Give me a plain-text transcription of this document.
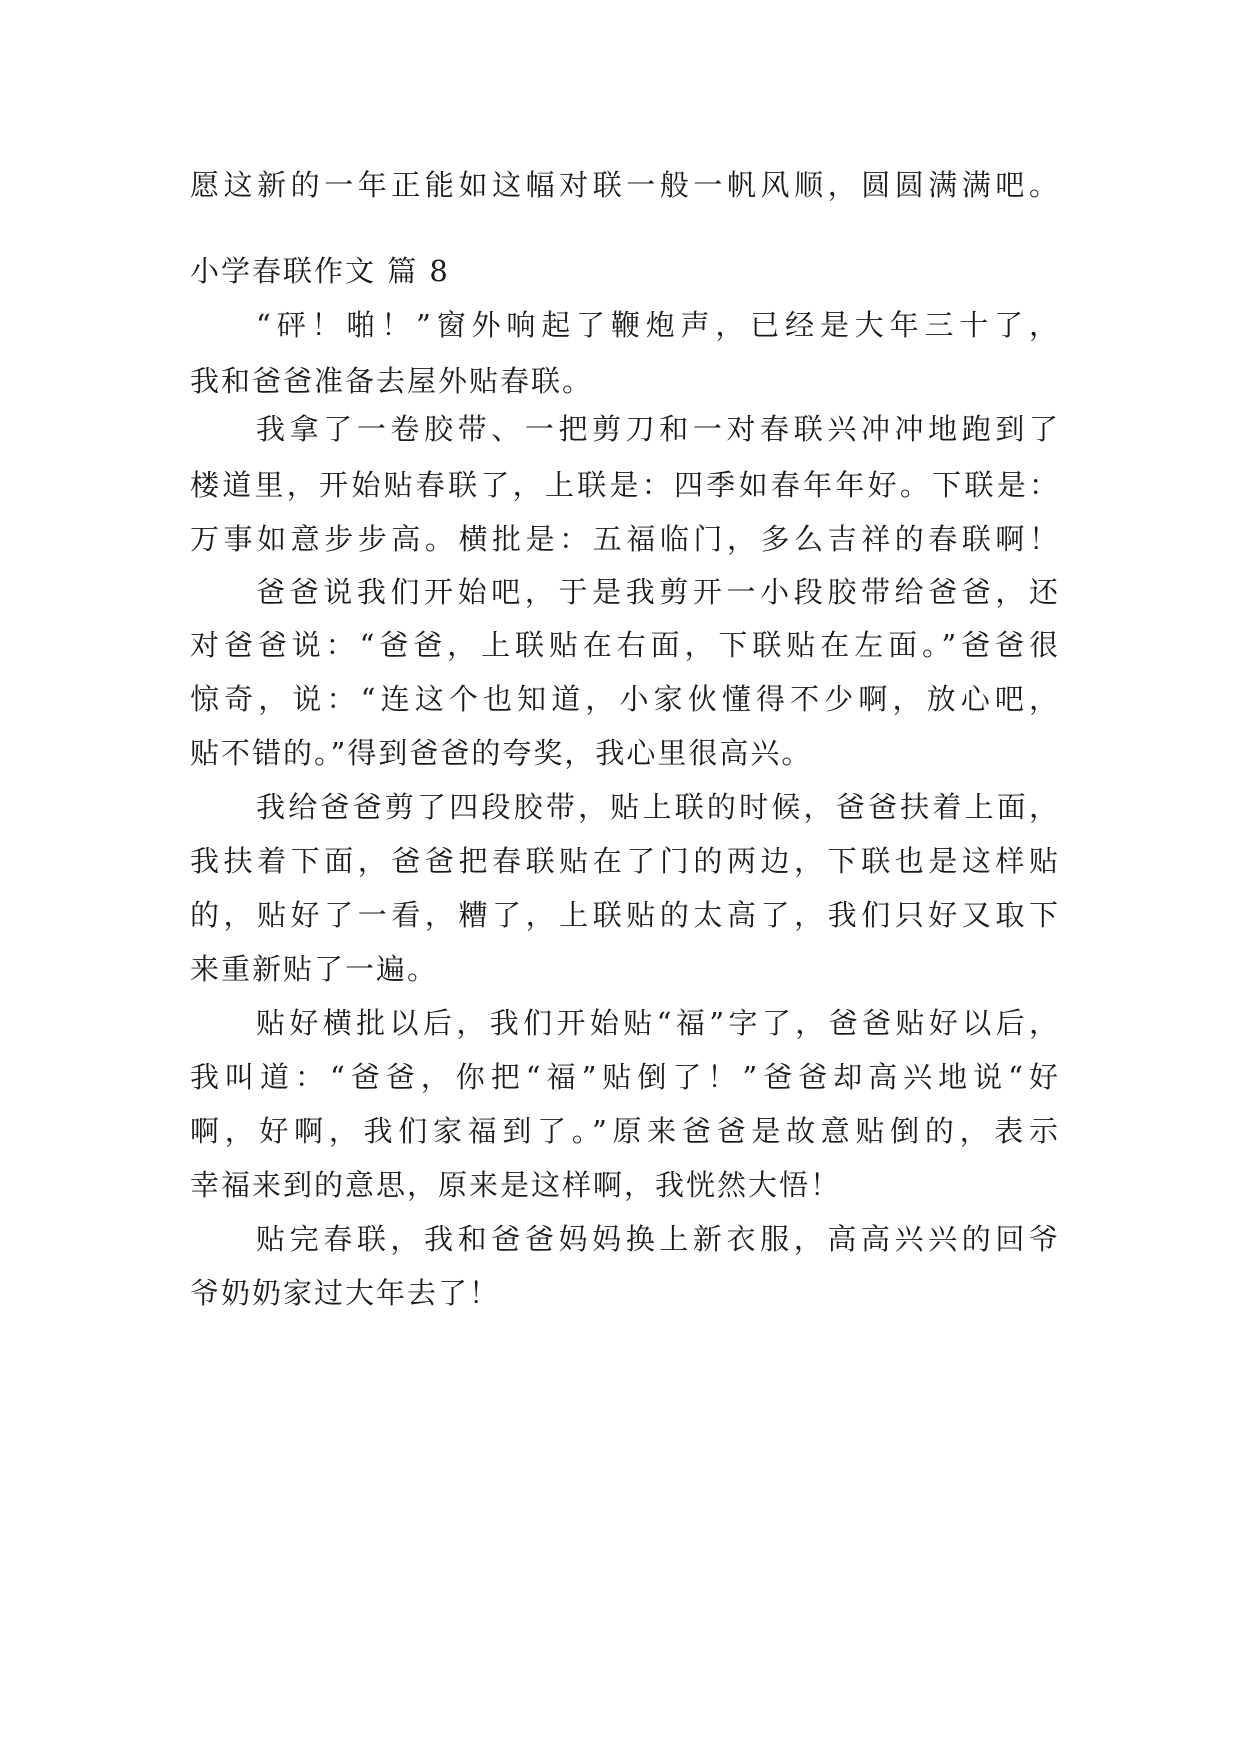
愿这新的一年正能如这幅对联一般一帆风顺，圆圆满满吧。
小学春联作文 篇 8
“砰！啪！”窗外响起了鞭炮声，已经是大年三十了，
我和爸爸准备去屋外贴春联。
我拿了一卷胶带、一把剪刀和一对春联兴冲冲地跑到了
楼道里，开始贴春联了，上联是：四季如春年年好。下联是：
万事如意步步高。横批是：五福临门，多么吉祥的春联啊！
爸爸说我们开始吧，于是我剪开一小段胶带给爸爸，还
对爸爸说：“爸爸，上联贴在右面，下联贴在左面。”爸爸很
惊奇，说：“连这个也知道，小家伙懂得不少啊，放心吧，
贴不错的。”得到爸爸的夸奖，我心里很高兴。
我给爸爸剪了四段胶带，贴上联的时候，爸爸扶着上面，
我扶着下面，爸爸把春联贴在了门的两边，下联也是这样贴
的，贴好了一看，糟了，上联贴的太高了，我们只好又取下
来重新贴了一遍。
贴好横批以后，我们开始贴“福”字了，爸爸贴好以后，
我叫道：“爸爸，你把“福”贴倒了！”爸爸却高兴地说“好
啊，好啊，我们家福到了。”原来爸爸是故意贴倒的，表示
幸福来到的意思，原来是这样啊，我恍然大悟！
贴完春联，我和爸爸妈妈换上新衣服，高高兴兴的回爷
爷奶奶家过大年去了！
